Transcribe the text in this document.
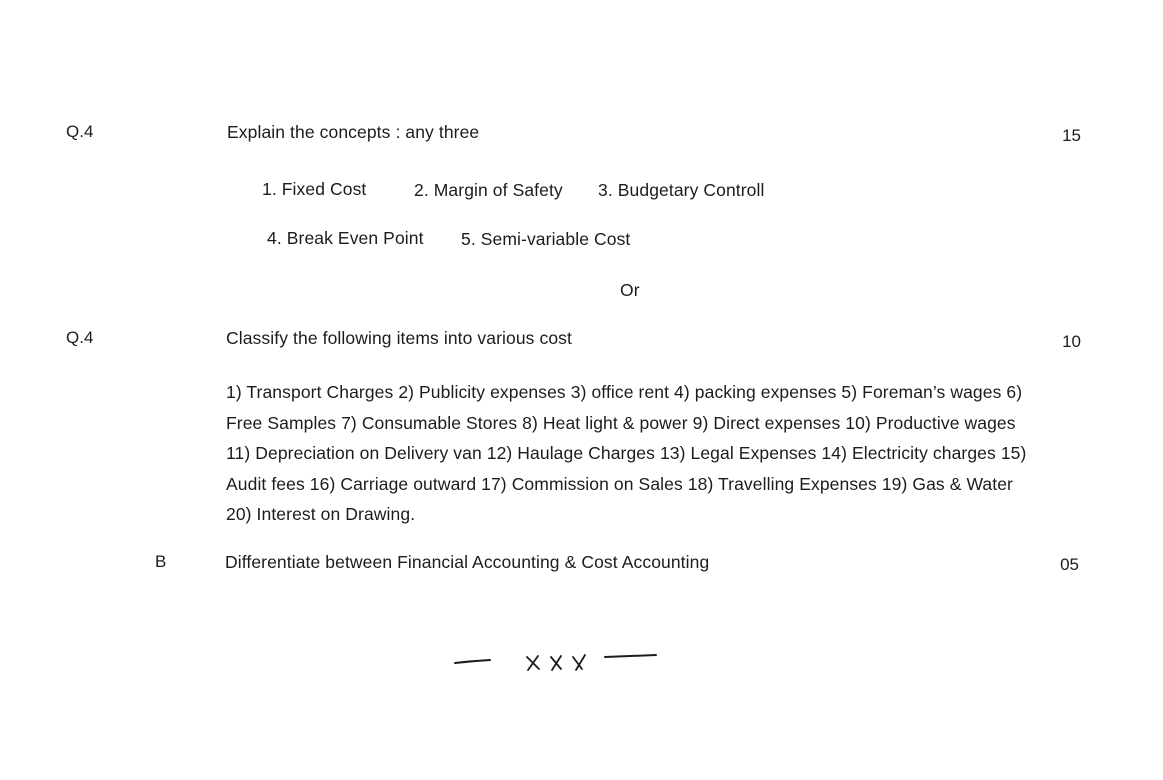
Q.4	Explain the concepts : any three	15
1. Fixed Cost	2. Margin of Safety 3. Budgetary Controll
4. Break Even Point 5. Semi-variable Cost
Or
Q.4	Classify the following items into various cost	10
1) Transport Charges 2) Publicity expenses 3) office rent 4) packing expenses 5) Foreman’s wages 6) Free Samples 7) Consumable Stores 8) Heat light & power 9) Direct expenses 10) Productive wages 11) Depreciation on Delivery van 12) Haulage Charges 13) Legal Expenses 14) Electricity charges 15) Audit fees 16) Carriage outward 17) Commission on Sales 18) Travelling Expenses 19) Gas & Water 20) Interest on Drawing.
B	Differentiate between Financial Accounting & Cost Accounting	05
